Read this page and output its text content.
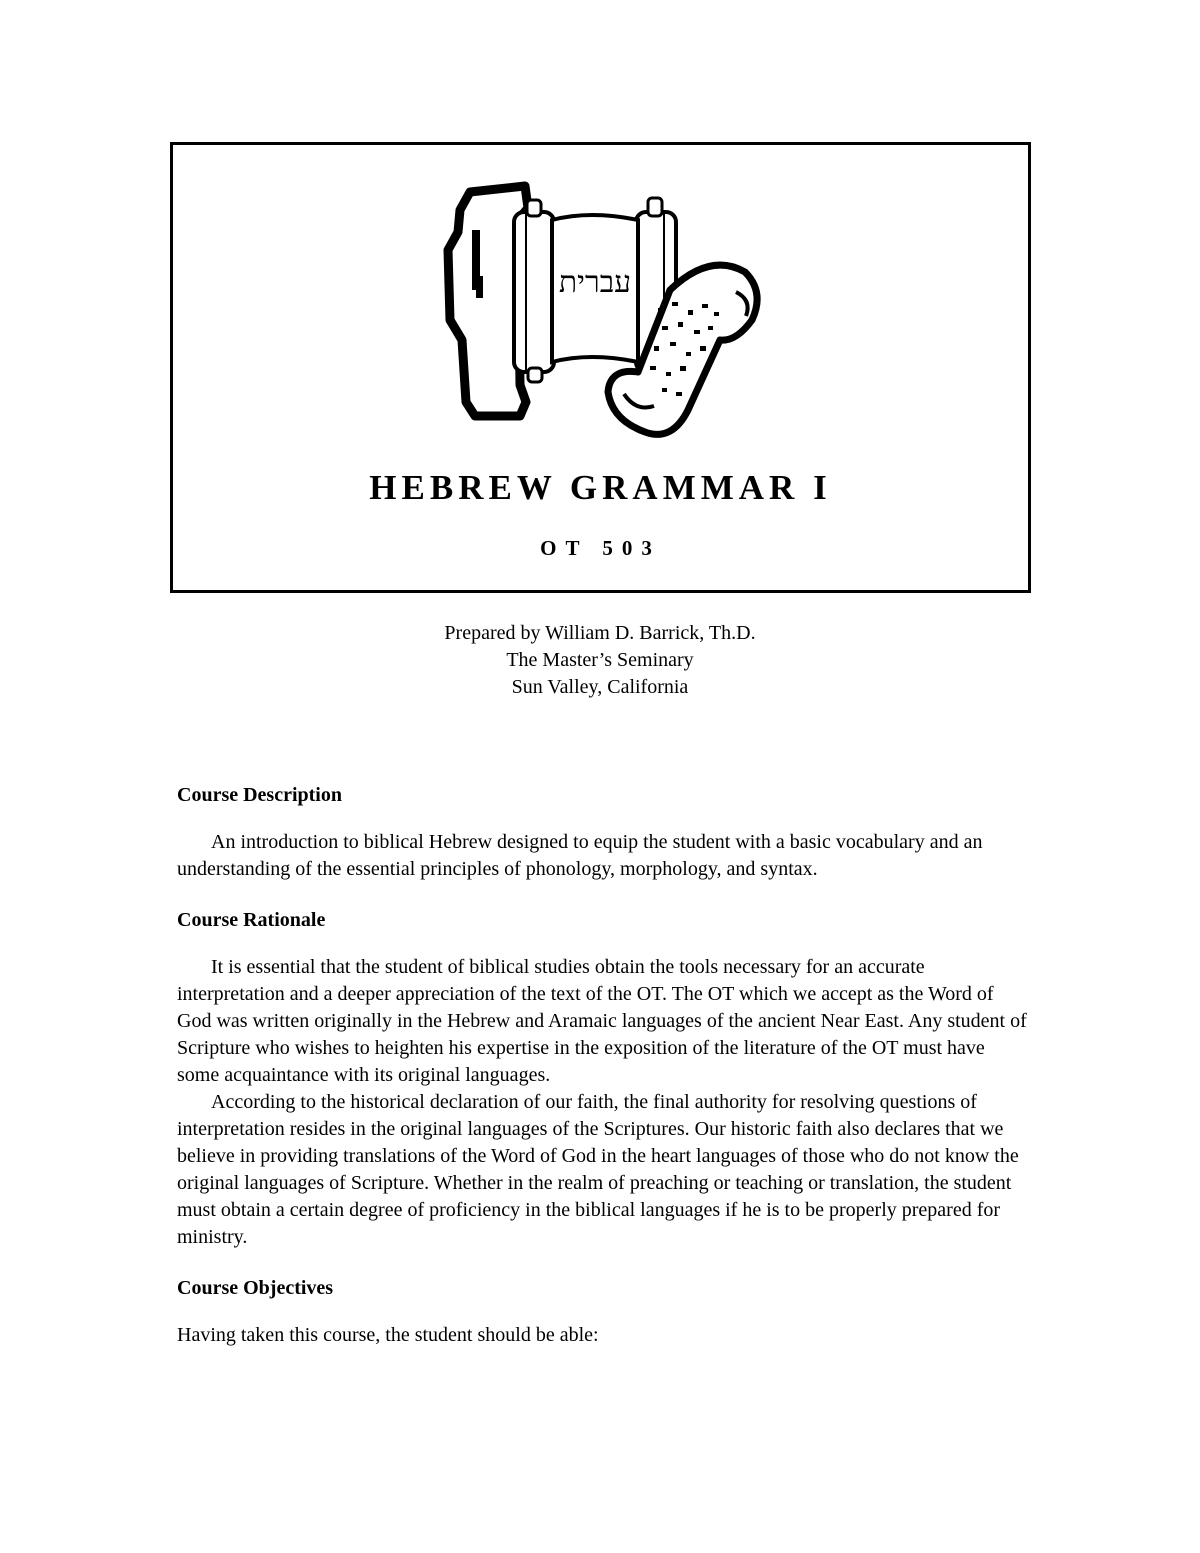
עברית
HEBREW GRAMMAR I
OT 503
Prepared by William D. Barrick, Th.D.
The Master’s Seminary
Sun Valley, California

Course Description

An introduction to biblical Hebrew designed to equip the student with a basic vocabulary and an understanding of the essential principles of phonology, morphology, and syntax.

Course Rationale

It is essential that the student of biblical studies obtain the tools necessary for an accurate interpretation and a deeper appreciation of the text of the OT. The OT which we accept as the Word of God was written originally in the Hebrew and Aramaic languages of the ancient Near East. Any student of Scripture who wishes to heighten his expertise in the exposition of the literature of the OT must have some acquaintance with its original languages.

According to the historical declaration of our faith, the final authority for resolving questions of interpretation resides in the original languages of the Scriptures. Our historic faith also declares that we believe in providing translations of the Word of God in the heart languages of those who do not know the original languages of Scripture. Whether in the realm of preaching or teaching or translation, the student must obtain a certain degree of proficiency in the biblical languages if he is to be properly prepared for ministry.

Course Objectives

Having taken this course, the student should be able:
